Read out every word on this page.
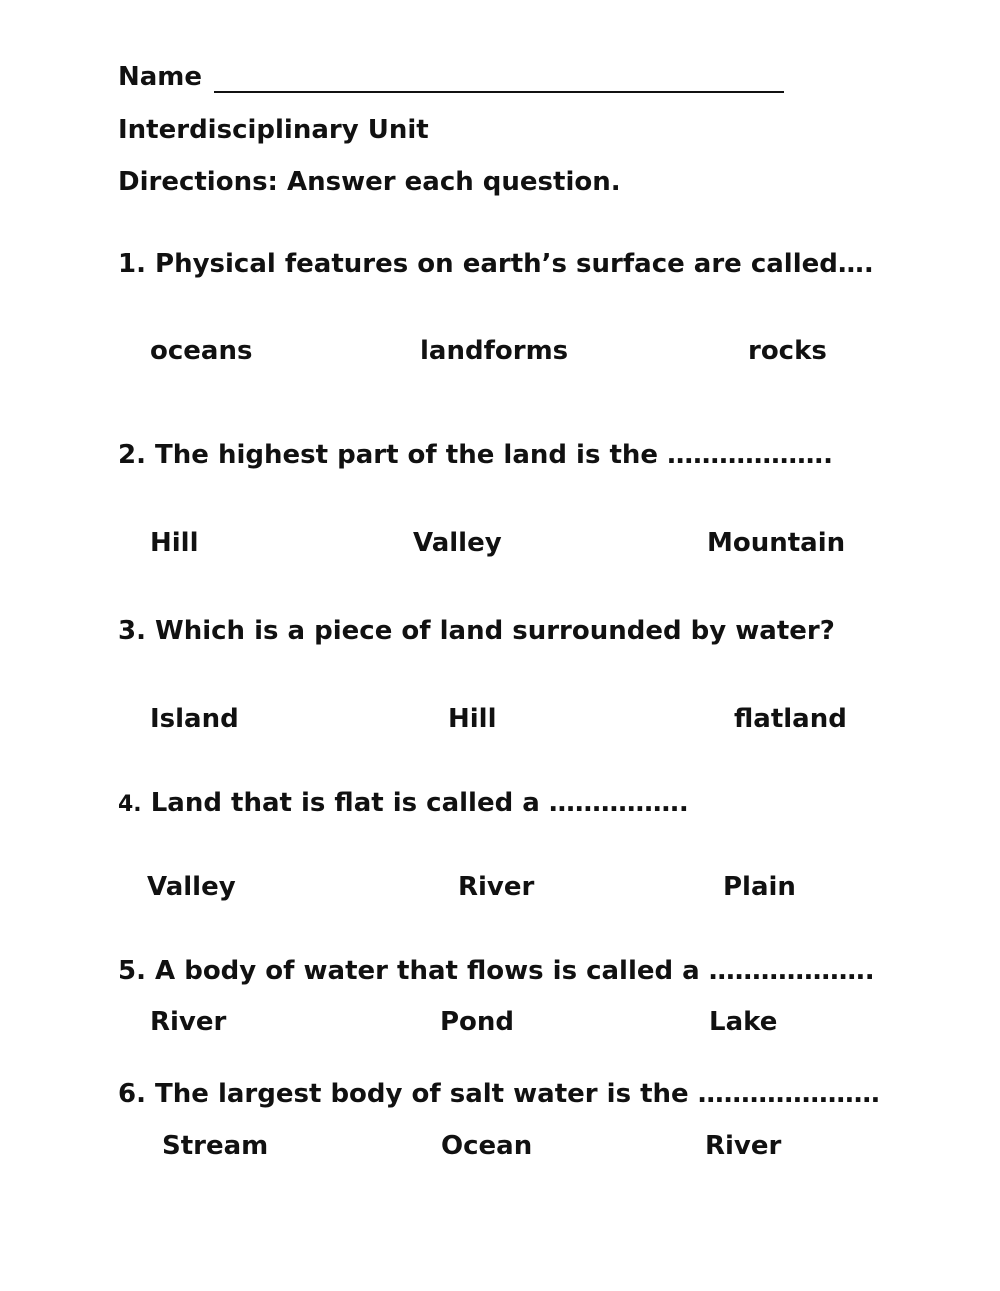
Name
Interdisciplinary Unit
Directions: Answer each question.
1. Physical features on earth’s surface are called….
oceans	landforms	rocks
2. The highest part of the land is the ……………….
Hill	Valley	Mountain
3. Which is a piece of land surrounded by water?
Island	Hill	flatland
4. Land that is flat is called a …………….
Valley	River	Plain
5. A body of water that flows is called a ……………….
River	Pond	Lake
6. The largest body of salt water is the …………………
Stream	Ocean	River
